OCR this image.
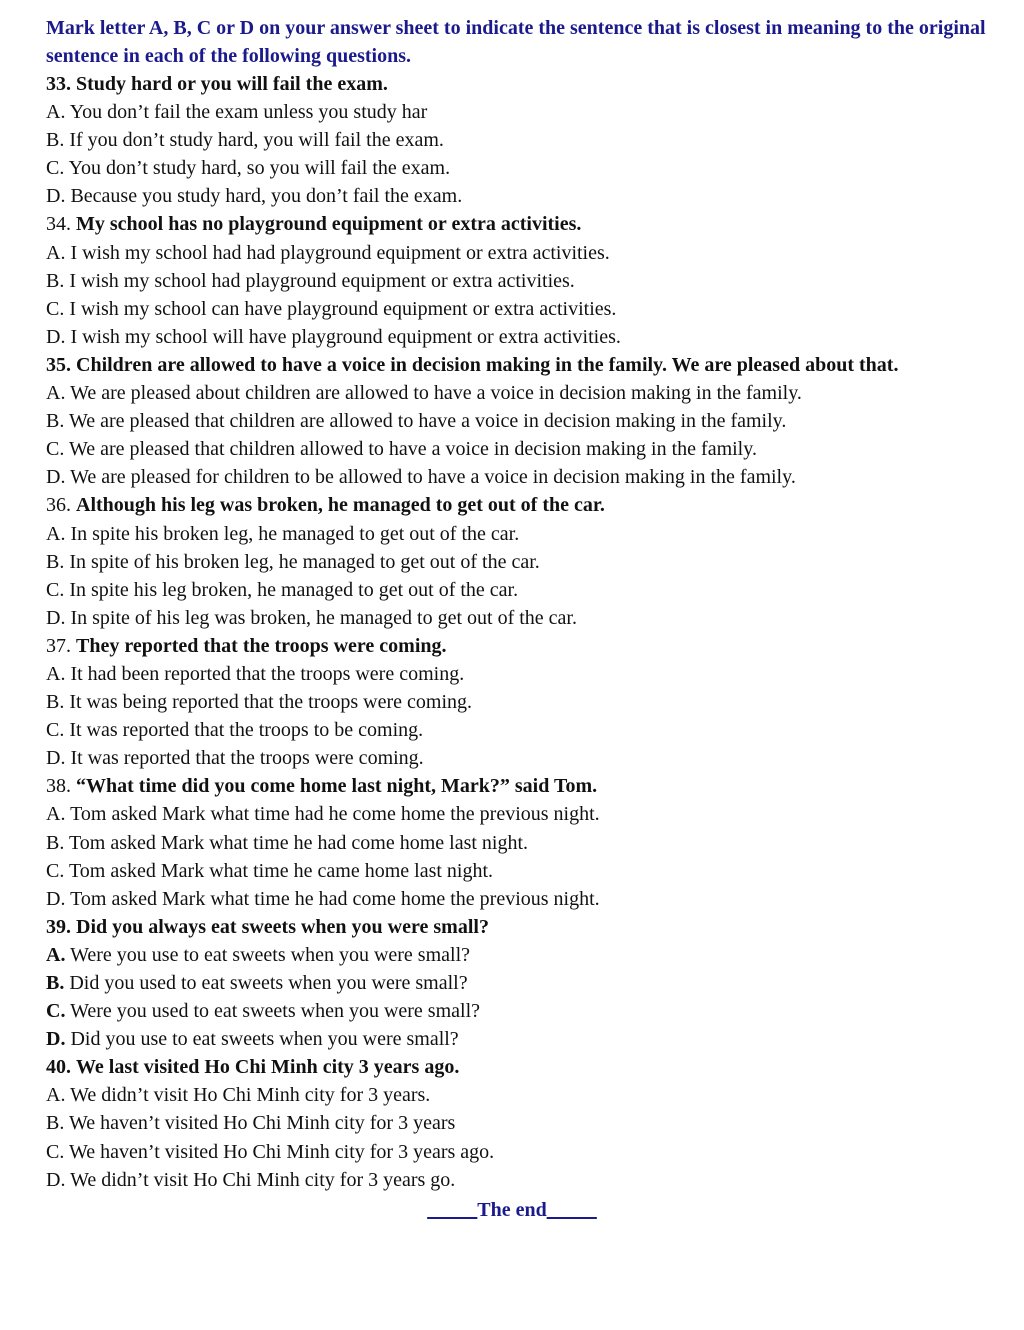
Mark letter A, B, C or D on your answer sheet to indicate the sentence that is closest in meaning to the original sentence in each of the following questions.
33. Study hard or you will fail the exam.
A. You don’t fail the exam unless you study har
B. If you don’t study hard, you will fail the exam.
C. You don’t study hard, so you will fail the exam.
D. Because you study hard, you don’t fail the exam.
34. My school has no playground equipment or extra activities.
A. I wish my school had had playground equipment or extra activities.
B. I wish my school had playground equipment or extra activities.
C. I wish my school can have playground equipment or extra activities.
D. I wish my school will have playground equipment or extra activities.
35. Children are allowed to have a voice in decision making in the family. We are pleased about that.
A. We are pleased about children are allowed to have a voice in decision making in the family.
B. We are pleased that children are allowed to have a voice in decision making in the family.
C. We are pleased that children allowed to have a voice in decision making in the family.
D. We are pleased for children to be allowed to have a voice in decision making in the family.
36. Although his leg was broken, he managed to get out of the car.
A. In spite his broken leg, he managed to get out of the car.
B. In spite of his broken leg, he managed to get out of the car.
C. In spite his leg broken, he managed to get out of the car.
D. In spite of his leg was broken, he managed to get out of the car.
37. They reported that the troops were coming.
A. It had been reported that the troops were coming.
B. It was being reported that the troops were coming.
C. It was reported that the troops to be coming.
D. It was reported that the troops were coming.
38. “What time did you come home last night, Mark?” said Tom.
A. Tom asked Mark what time had he come home the previous night.
B. Tom asked Mark what time he had come home last night.
C. Tom asked Mark what time he came home last night.
D. Tom asked Mark what time he had come home the previous night.
39. Did you always eat sweets when you were small?
A. Were you use to eat sweets when you were small?
B. Did you used to eat sweets when you were small?
C. Were you used to eat sweets when you were small?
D. Did you use to eat sweets when you were small?
40. We last visited Ho Chi Minh city 3 years ago.
A. We didn’t visit Ho Chi Minh city for 3 years.
B. We haven’t visited Ho Chi Minh city for 3 years
C. We haven’t visited Ho Chi Minh city for 3 years ago.
D. We didn’t visit Ho Chi Minh city for 3 years go.
_____The end_____
